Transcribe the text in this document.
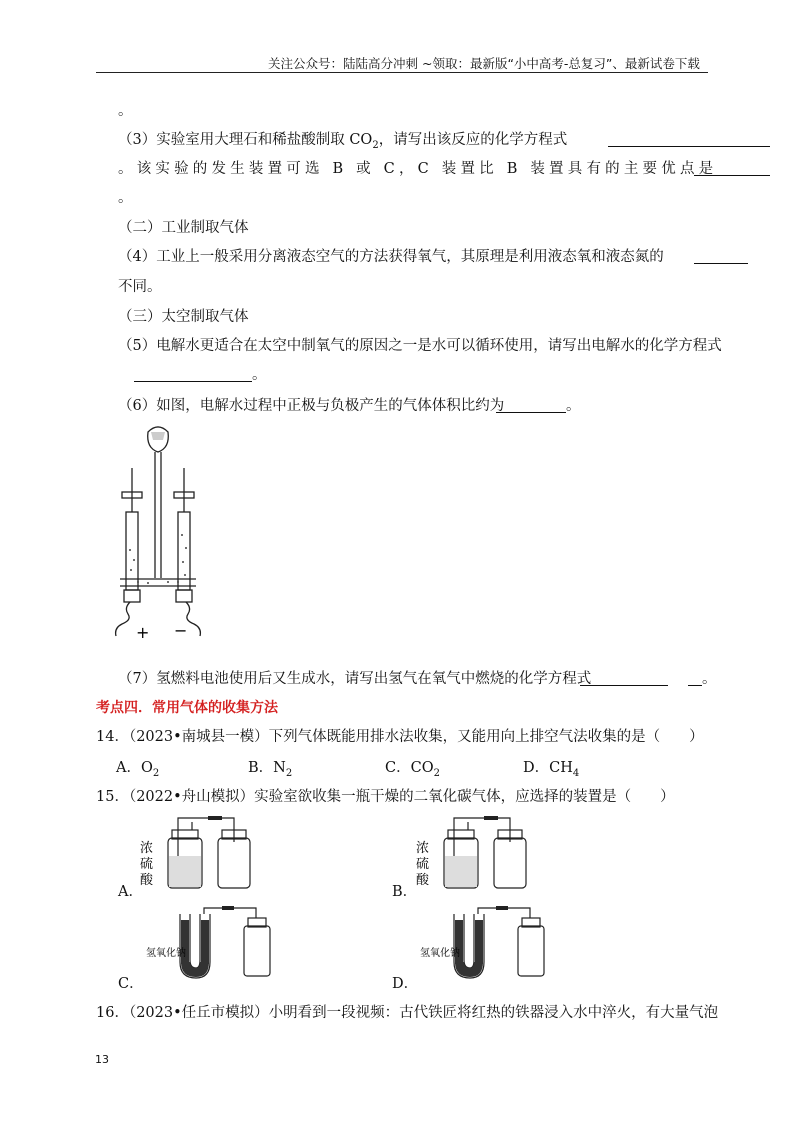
关注公众号：陆陆高分冲刺 ~领取：最新版“小中高考-总复习”、最新试卷下载
。
（3）实验室用大理石和稀盐酸制取 $CO_2$，请写出该反应的化学方程式
。该实验的发生装置可选 B 或 C，C 装置比 B 装置具有的主要优点是
。
（二）工业制取气体
（4）工业上一般采用分离液态空气的方法获得氧气，其原理是利用液态氧和液态氮的
不同。
（三）太空制取气体
（5）电解水更适合在太空中制氧气的原因之一是水可以循环使用，请写出电解水的化学方程式
。
（6）如图，电解水过程中正极与负极产生的气体体积比约为	。
+ −
（7）氢燃料电池使用后又生成水，请写出氢气在氧气中燃烧的化学方程式	。
考点四．常用气体的收集方法
14．（2023•南城县一模）下列气体既能用排水法收集，又能用向上排空气法收集的是（　　）
A．$O_2$	B．$N_2$	C．$CO_2$	D．$CH_4$
15．（2022•舟山模拟）实验室欲收集一瓶干燥的二氧化碳气体，应选择的装置是（　　）
浓
硫
酸
A．
浓
硫
酸
B．
氢氧化钠
C．
氢氧化钠
D．
16．（2023•任丘市模拟）小明看到一段视频：古代铁匠将红热的铁器浸入水中淬火，有大量气泡
13
